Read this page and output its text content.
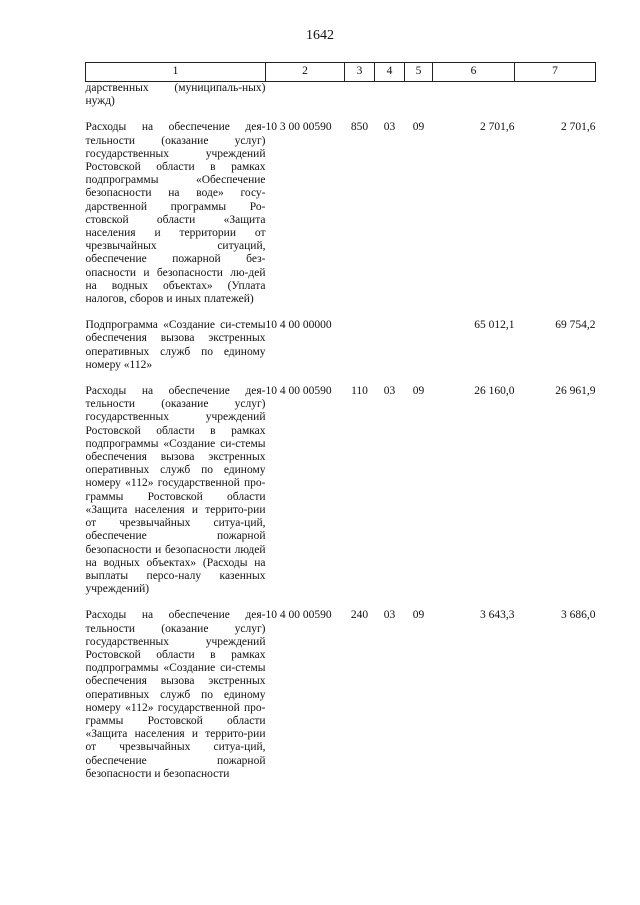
1642
1	2	3	4	5	6	7
дарственных (муниципаль-ных) нужд)						

Расходы на обеспечение дея-тельности (оказание услуг) государственных учреждений Ростовской области в рамках подпрограммы «Обеспечение безопасности на воде» госу-дарственной программы Ро-стовской области «Защита населения и территории от чрезвычайных ситуаций, обеспечение пожарной без-опасности и безопасности лю-дей на водных объектах» (Уплата налогов, сборов и иных платежей)	10 3 00 00590	850	03	09	2 701,6	2 701,6

Подпрограмма «Создание си-стемы обеспечения вызова экстренных оперативных служб по единому номеру «112»	10 4 00 00000				65 012,1	69 754,2

Расходы на обеспечение дея-тельности (оказание услуг) государственных учреждений Ростовской области в рамках подпрограммы «Создание си-стемы обеспечения вызова экстренных оперативных служб по единому номеру «112» государственной про-граммы Ростовской области «Защита населения и террито-рии от чрезвычайных ситуа-ций, обеспечение пожарной безопасности и безопасности людей на водных объектах» (Расходы на выплаты персо-налу казенных учреждений)	10 4 00 00590	110	03	09	26 160,0	26 961,9

Расходы на обеспечение дея-тельности (оказание услуг) государственных учреждений Ростовской области в рамках подпрограммы «Создание си-стемы обеспечения вызова экстренных оперативных служб по единому номеру «112» государственной про-граммы Ростовской области «Защита населения и террито-рии от чрезвычайных ситуа-ций, обеспечение пожарной безопасности и безопасности	10 4 00 00590	240	03	09	3 643,3	3 686,0
